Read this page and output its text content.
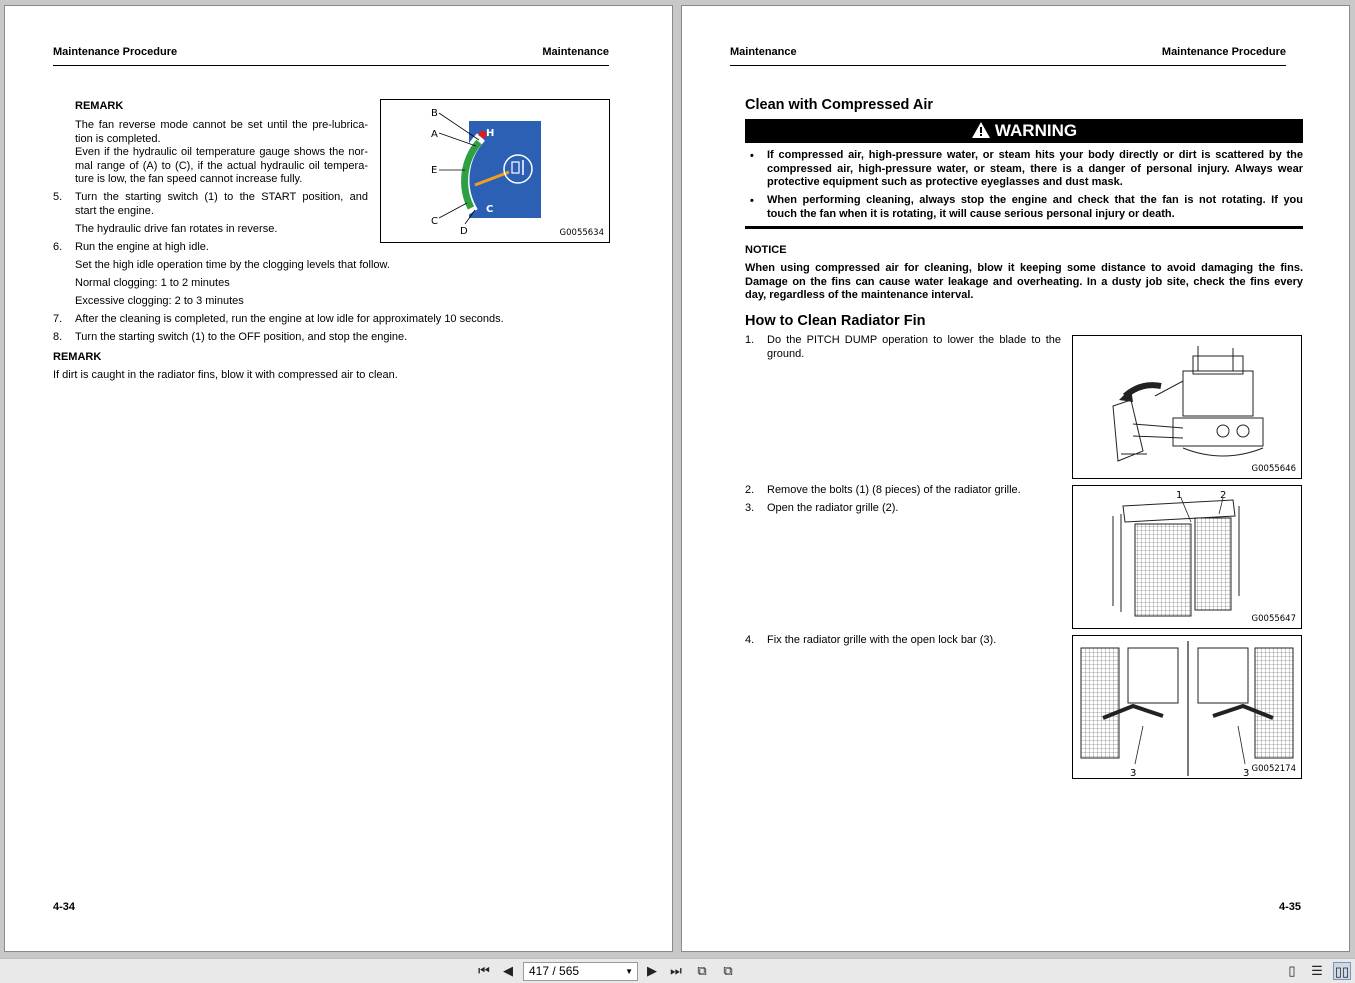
Maintenance Procedure	Maintenance
REMARK
The fan reverse mode cannot be set until the pre-lubrica-
tion is completed.
Even if the hydraulic oil temperature gauge shows the nor-
mal range of (A) to (C), if the actual hydraulic oil tempera-
ture is low, the fan speed cannot increase fully.
5. Turn the starting switch (1) to the START position, and
start the engine.
The hydraulic drive fan rotates in reverse.
6. Run the engine at high idle.
Set the high idle operation time by the clogging levels that follow.
Normal clogging: 1 to 2 minutes
Excessive clogging: 2 to 3 minutes
7. After the cleaning is completed, run the engine at low idle for approximately 10 seconds.
8. Turn the starting switch (1) to the OFF position, and stop the engine.
REMARK
If dirt is caught in the radiator fins, blow it with compressed air to clean.
B
A
E
C
D
H
C
G0055634
4-34
Maintenance	Maintenance Procedure
Clean with Compressed Air
WARNING
• If compressed air, high-pressure water, or steam hits your body directly or dirt is scattered by the
compressed air, high-pressure water, or steam, there is a danger of personal injury. Always wear
protective equipment such as protective eyeglasses and dust mask.
• When performing cleaning, always stop the engine and check that the fan is not rotating. If you
touch the fan when it is rotating, it will cause serious personal injury or death.
NOTICE
When using compressed air for cleaning, blow it keeping some distance to avoid damaging the fins.
Damage on the fins can cause water leakage and overheating. In a dusty job site, check the fins every
day, regardless of the maintenance interval.
How to Clean Radiator Fin
1. Do the PITCH DUMP operation to lower the blade to the
ground.
2. Remove the bolts (1) (8 pieces) of the radiator grille.
3. Open the radiator grille (2).
4. Fix the radiator grille with the open lock bar (3).
G0055646
1	2
G0055647
3	3 G0052174
4-35
⏮	◀	417 / 565	▼	▶	⏭	⧉	⧉	▯	☰ ▯▯
